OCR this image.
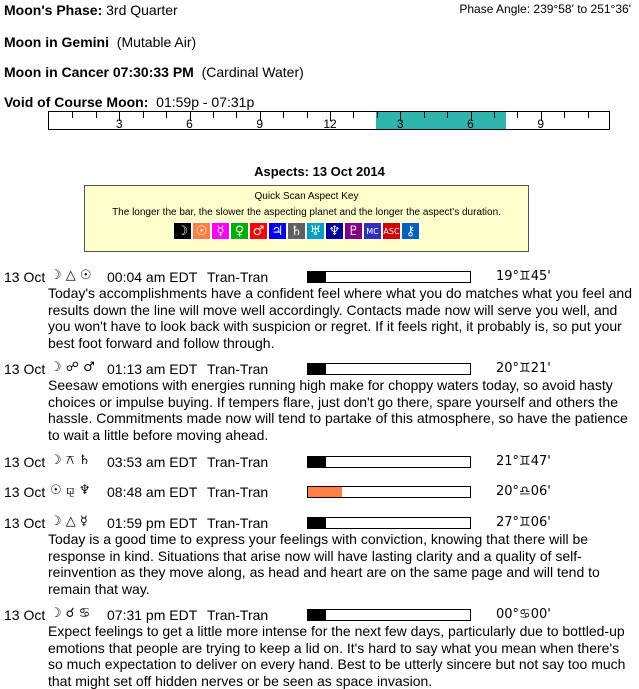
Moon's Phase: 3rd Quarter	Phase Angle: 239°58' to 251°36'
Moon in Gemini (Mutable Air)
Moon in Cancer 07:30:33 PM (Cardinal Water)
Void of Course Moon: 01:59p - 07:31p
3	6	9	12	3	6	9
Aspects: 13 Oct 2014
Quick Scan Aspect Key
The longer the bar, the slower the aspecting planet and the longer the aspect's duration.
☽ ☉ ☿ ♀ ♂ ♃ ♄ ♅ ♆ ♇ MC ASC ⚷
13 Oct ☽ △ ☉ 00:04 am EDT Tran-Tran	19°♊45'
Today's accomplishments have a confident feel where what you do matches what you feel and results down the line will move well accordingly. Contacts made now will serve you well, and you won't have to look back with suspicion or regret. If it feels right, it probably is, so put your best foot forward and follow through.
13 Oct ☽ ☍ ♂ 01:13 am EDT Tran-Tran	20°♊21'
Seesaw emotions with energies running high make for choppy waters today, so avoid hasty choices or impulse buying. If tempers flare, just don't go there, spare yourself and others the hassle. Commitments made now will tend to partake of this atmosphere, so have the patience to wait a little before moving ahead.
13 Oct ☽ ⚻ ♄ 03:53 am EDT Tran-Tran	21°♊47'
13 Oct ☉ ⚼ ♆ 08:48 am EDT Tran-Tran	20°♎06'
13 Oct ☽ △ ☿ 01:59 pm EDT Tran-Tran	27°♊06'
Today is a good time to express your feelings with conviction, knowing that there will be response in kind. Situations that arise now will have lasting clarity and a quality of self-reinvention as they move along, as head and heart are on the same page and will tend to remain that way.
13 Oct ☽ ☌ ♋ 07:31 pm EDT Tran-Tran	00°♋00'
Expect feelings to get a little more intense for the next few days, particularly due to bottled-up emotions that people are trying to keep a lid on. It's hard to say what you mean when there's so much expectation to deliver on every hand. Best to be utterly sincere but not say too much that might set off hidden nerves or be seen as space invasion.
